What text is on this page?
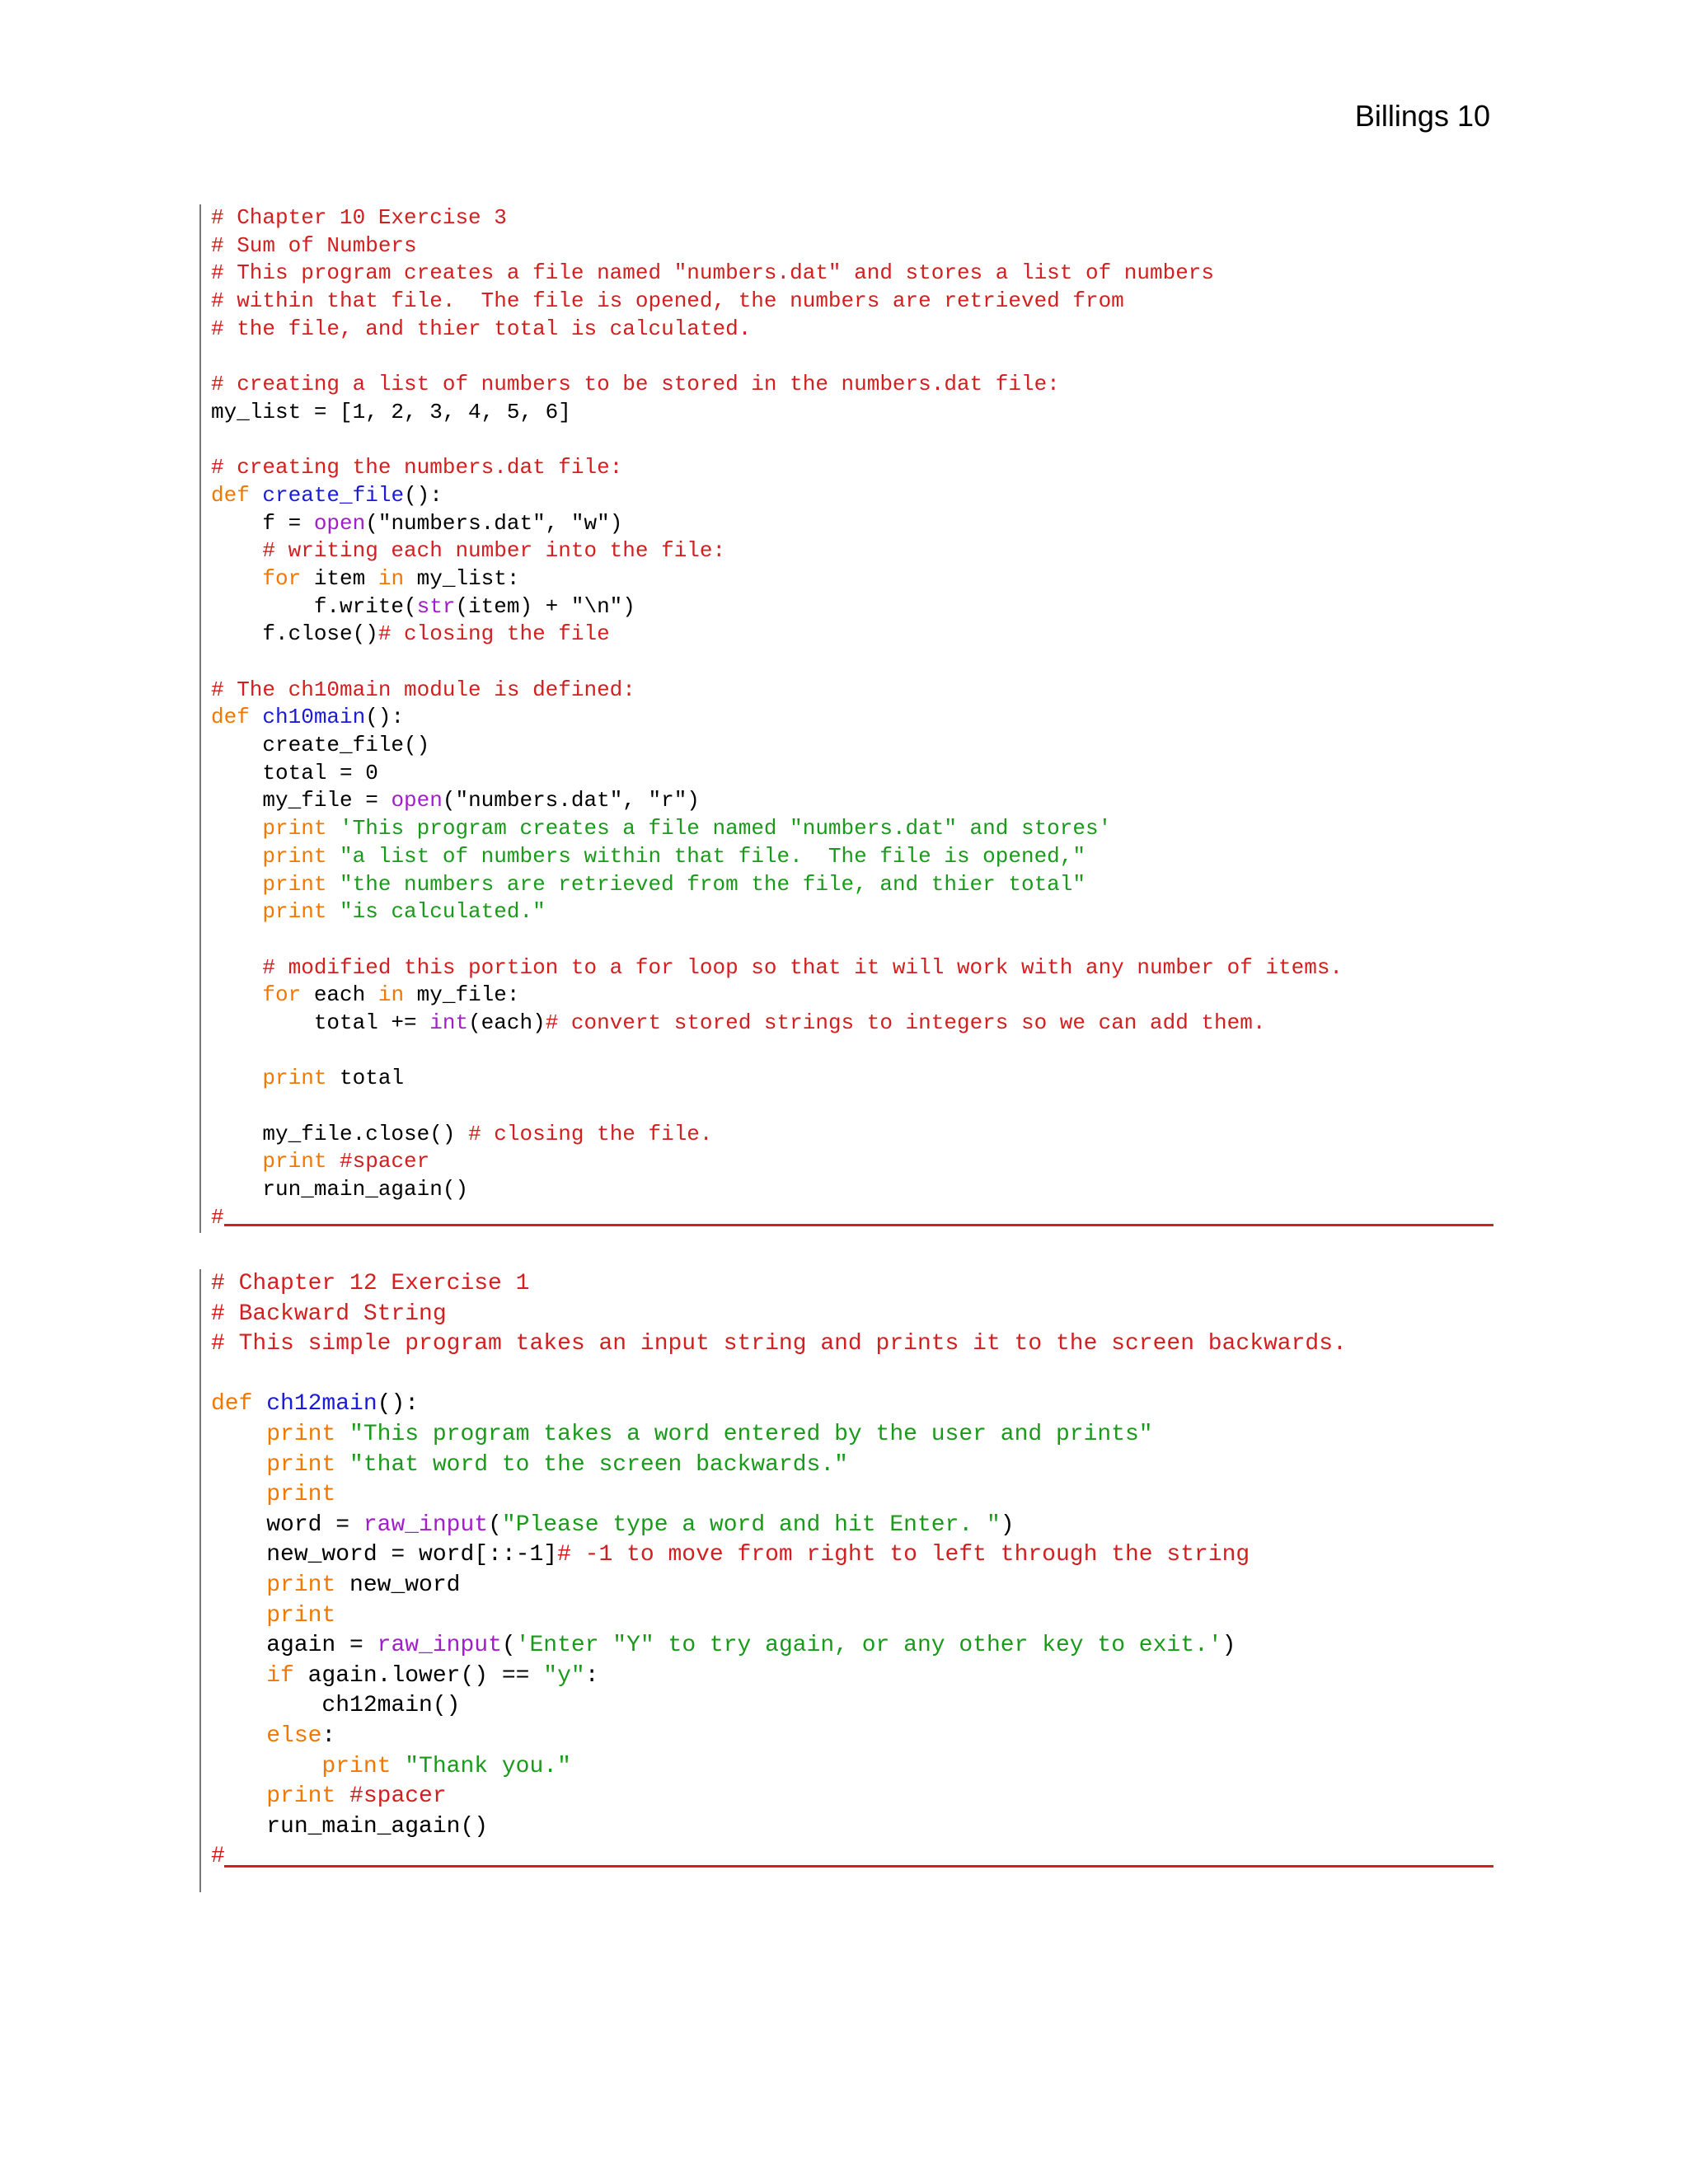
Billings 10
# Chapter 10 Exercise 3
# Sum of Numbers
# This program creates a file named "numbers.dat" and stores a list of numbers
# within that file.  The file is opened, the numbers are retrieved from
# the file, and thier total is calculated.
# creating a list of numbers to be stored in the numbers.dat file:
my_list = [1, 2, 3, 4, 5, 6]
# creating the numbers.dat file:
def create_file():
f = open("numbers.dat", "w")
# writing each number into the file:
for item in my_list:
f.write(str(item) + "\n")
f.close()# closing the file
# The ch10main module is defined:
def ch10main():
create_file()
total = 0
my_file = open("numbers.dat", "r")
print 'This program creates a file named "numbers.dat" and stores'
print "a list of numbers within that file.  The file is opened,"
print "the numbers are retrieved from the file, and thier total"
print "is calculated."
# modified this portion to a for loop so that it will work with any number of items.
for each in my_file:
total += int(each)# convert stored strings to integers so we can add them.
print total
my_file.close() # closing the file.
print #spacer
run_main_again()
#
# Chapter 12 Exercise 1
# Backward String
# This simple program takes an input string and prints it to the screen backwards.
def ch12main():
print "This program takes a word entered by the user and prints"
print "that word to the screen backwards."
print
word = raw_input("Please type a word and hit Enter. ")
new_word = word[::-1]# -1 to move from right to left through the string
print new_word
print
again = raw_input('Enter "Y" to try again, or any other key to exit.')
if again.lower() == "y":
ch12main()
else:
print "Thank you."
print #spacer
run_main_again()
#
